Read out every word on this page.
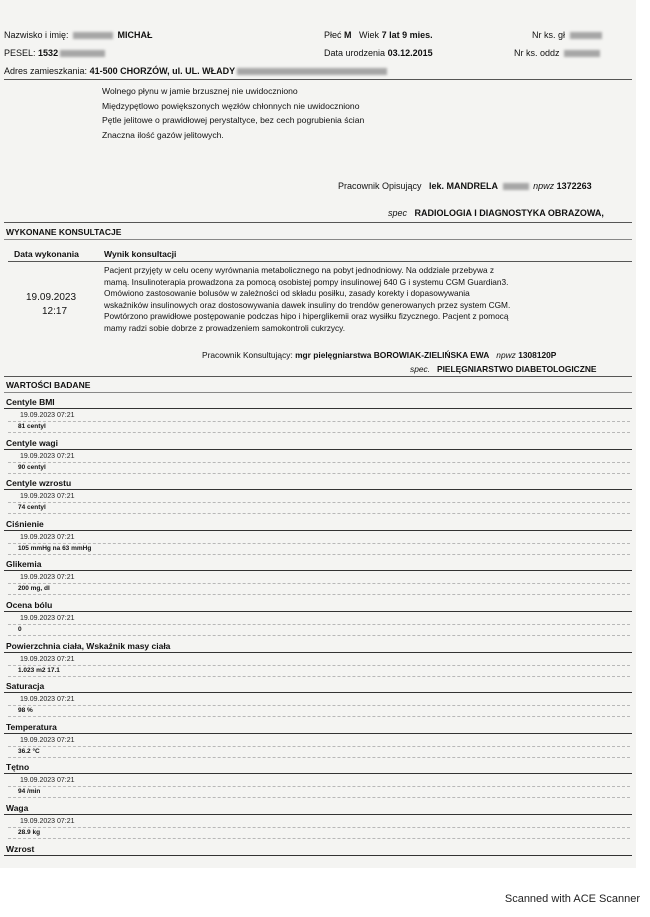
Nazwisko i imię:	MICHAŁ
PESEL: 1532
Płeć M Wiek 7 lat 9 mies.
Data urodzenia 03.12.2015
Nr ks. gł
Nr ks. oddz
Adres zamieszkania: 41-500 CHORZÓW, ul. UL. WŁADY
Wolnego płynu w jamie brzusznej nie uwidoczniono
Międzypętlowo powiększonych węzłów chłonnych nie uwidoczniono
Pętle jelitowe o prawidłowej perystaltyce, bez cech pogrubienia ścian
Znaczna ilość gazów jelitowych.
Pracownik Opisujący lek. MANDRELA	npwz 1372263
spec RADIOLOGIA I DIAGNOSTYKA OBRAZOWA,
WYKONANE KONSULTACJE
Data wykonania	Wynik konsultacji
19.09.2023
12:17
Pacjent przyjęty w celu oceny wyrównania metabolicznego na pobyt jednodniowy. Na oddziale przebywa z
mamą. Insulinoterapia prowadzona za pomocą osobistej pompy insulinowej 640 G i systemu CGM Guardian3.
Omówiono zastosowanie bolusów w zależności od składu posiłku, zasady korekty i dopasowywania
wskaźników insulinowych oraz dostosowywania dawek insuliny do trendów generowanych przez system CGM.
Powtórzono prawidłowe postępowanie podczas hipo i hiperglikemii oraz wysiłku fizycznego. Pacjent z pomocą
mamy radzi sobie dobrze z prowadzeniem samokontroli cukrzycy.
Pracownik Konsultujący: mgr pielęgniarstwa BOROWIAK-ZIELIŃSKA EWA npwz 1308120P
spec. PIELĘGNIARSTWO DIABETOLOGICZNE
WARTOŚCI BADANE
Centyle BMI
19.09.2023 07:21
81 centyl
Centyle wagi
19.09.2023 07:21
90 centyl
Centyle wzrostu
19.09.2023 07:21
74 centyl
Ciśnienie
19.09.2023 07:21
105 mmHg na 63 mmHg
Glikemia
19.09.2023 07:21
200 mg, dl
Ocena bólu
19.09.2023 07:21
0
Powierzchnia ciała, Wskaźnik masy ciała
19.09.2023 07:21
1.023 m2 17.1
Saturacja
19.09.2023 07:21
98 %
Temperatura
19.09.2023 07:21
36.2 °C
Tętno
19.09.2023 07:21
94 /min
Waga
19.09.2023 07:21
28.9 kg
Wzrost
Scanned with ACE Scanner
